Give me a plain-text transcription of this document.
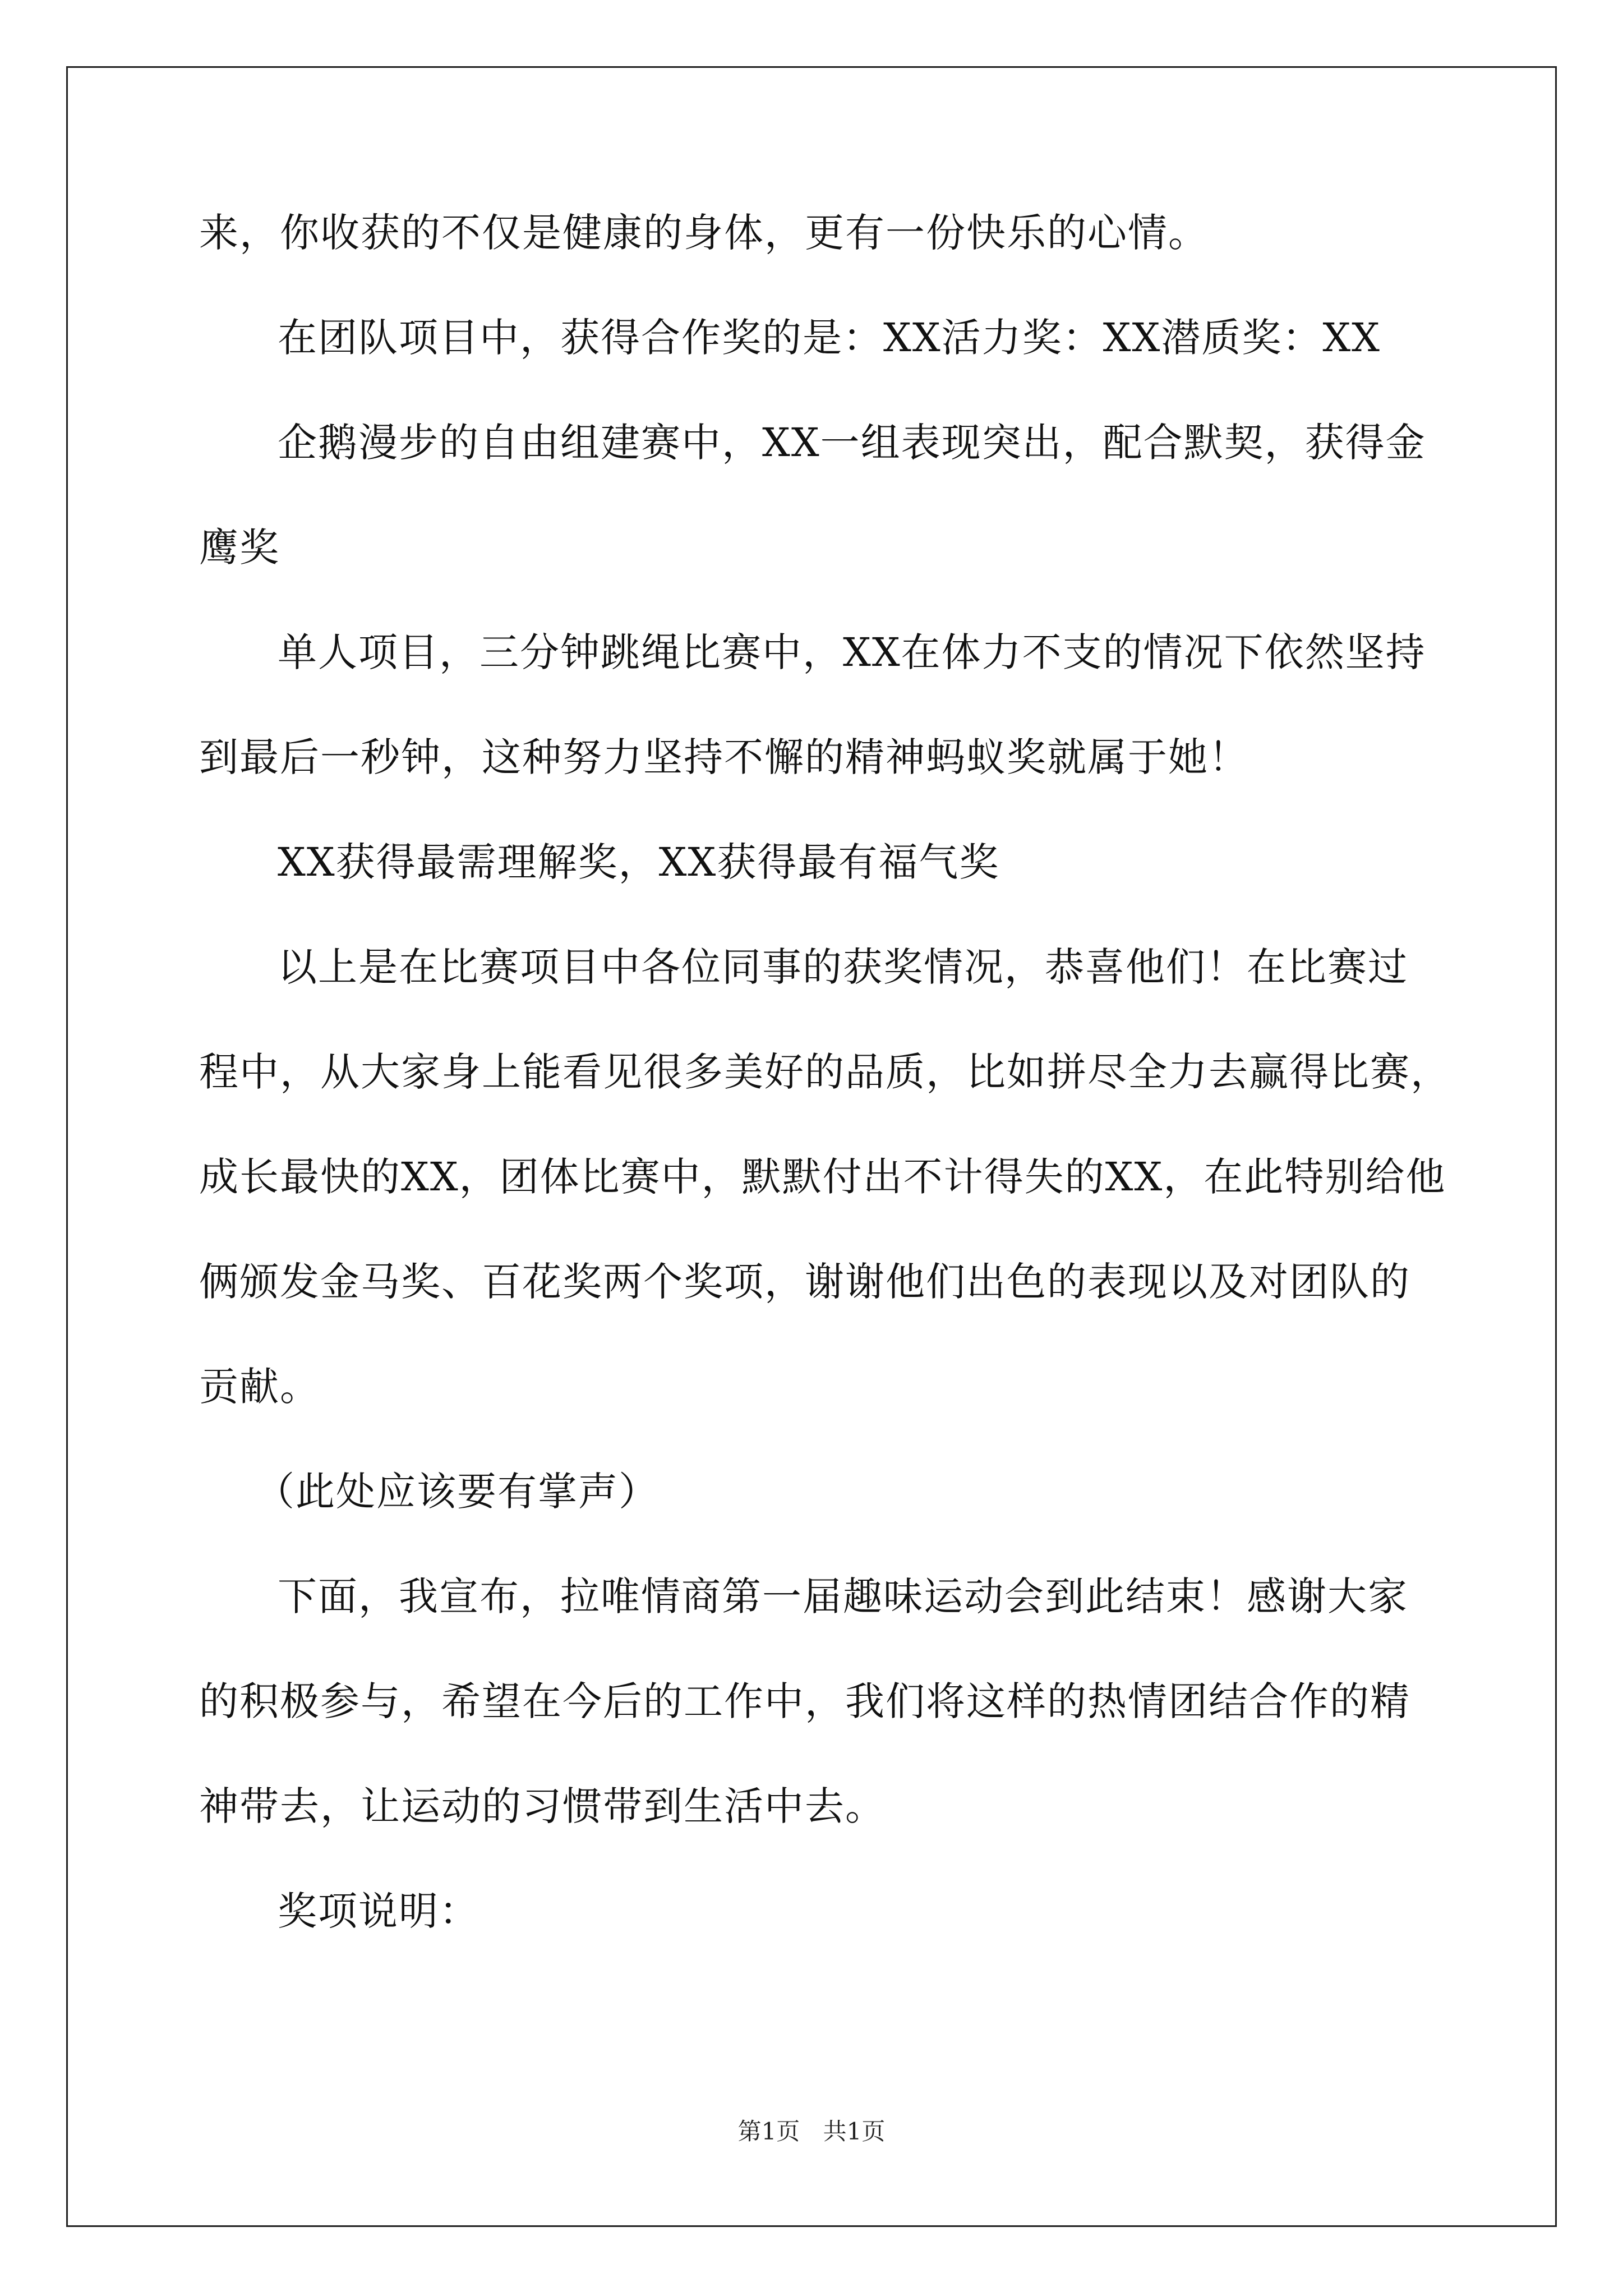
来，你收获的不仅是健康的身体，更有一份快乐的心情。
在团队项目中，获得合作奖的是：XX活力奖：XX潜质奖：XX
企鹅漫步的自由组建赛中，XX一组表现突出，配合默契，获得金
鹰奖
单人项目，三分钟跳绳比赛中，XX在体力不支的情况下依然坚持
到最后一秒钟，这种努力坚持不懈的精神蚂蚁奖就属于她！
XX获得最需理解奖，XX获得最有福气奖
以上是在比赛项目中各位同事的获奖情况，恭喜他们！在比赛过
程中，从大家身上能看见很多美好的品质，比如拼尽全力去赢得比赛，
成长最快的XX，团体比赛中，默默付出不计得失的XX，在此特别给他
俩颁发金马奖、百花奖两个奖项，谢谢他们出色的表现以及对团队的
贡献。
（此处应该要有掌声）
下面，我宣布，拉唯情商第一届趣味运动会到此结束！感谢大家
的积极参与，希望在今后的工作中，我们将这样的热情团结合作的精
神带去，让运动的习惯带到生活中去。
奖项说明：
第1页 共1页
